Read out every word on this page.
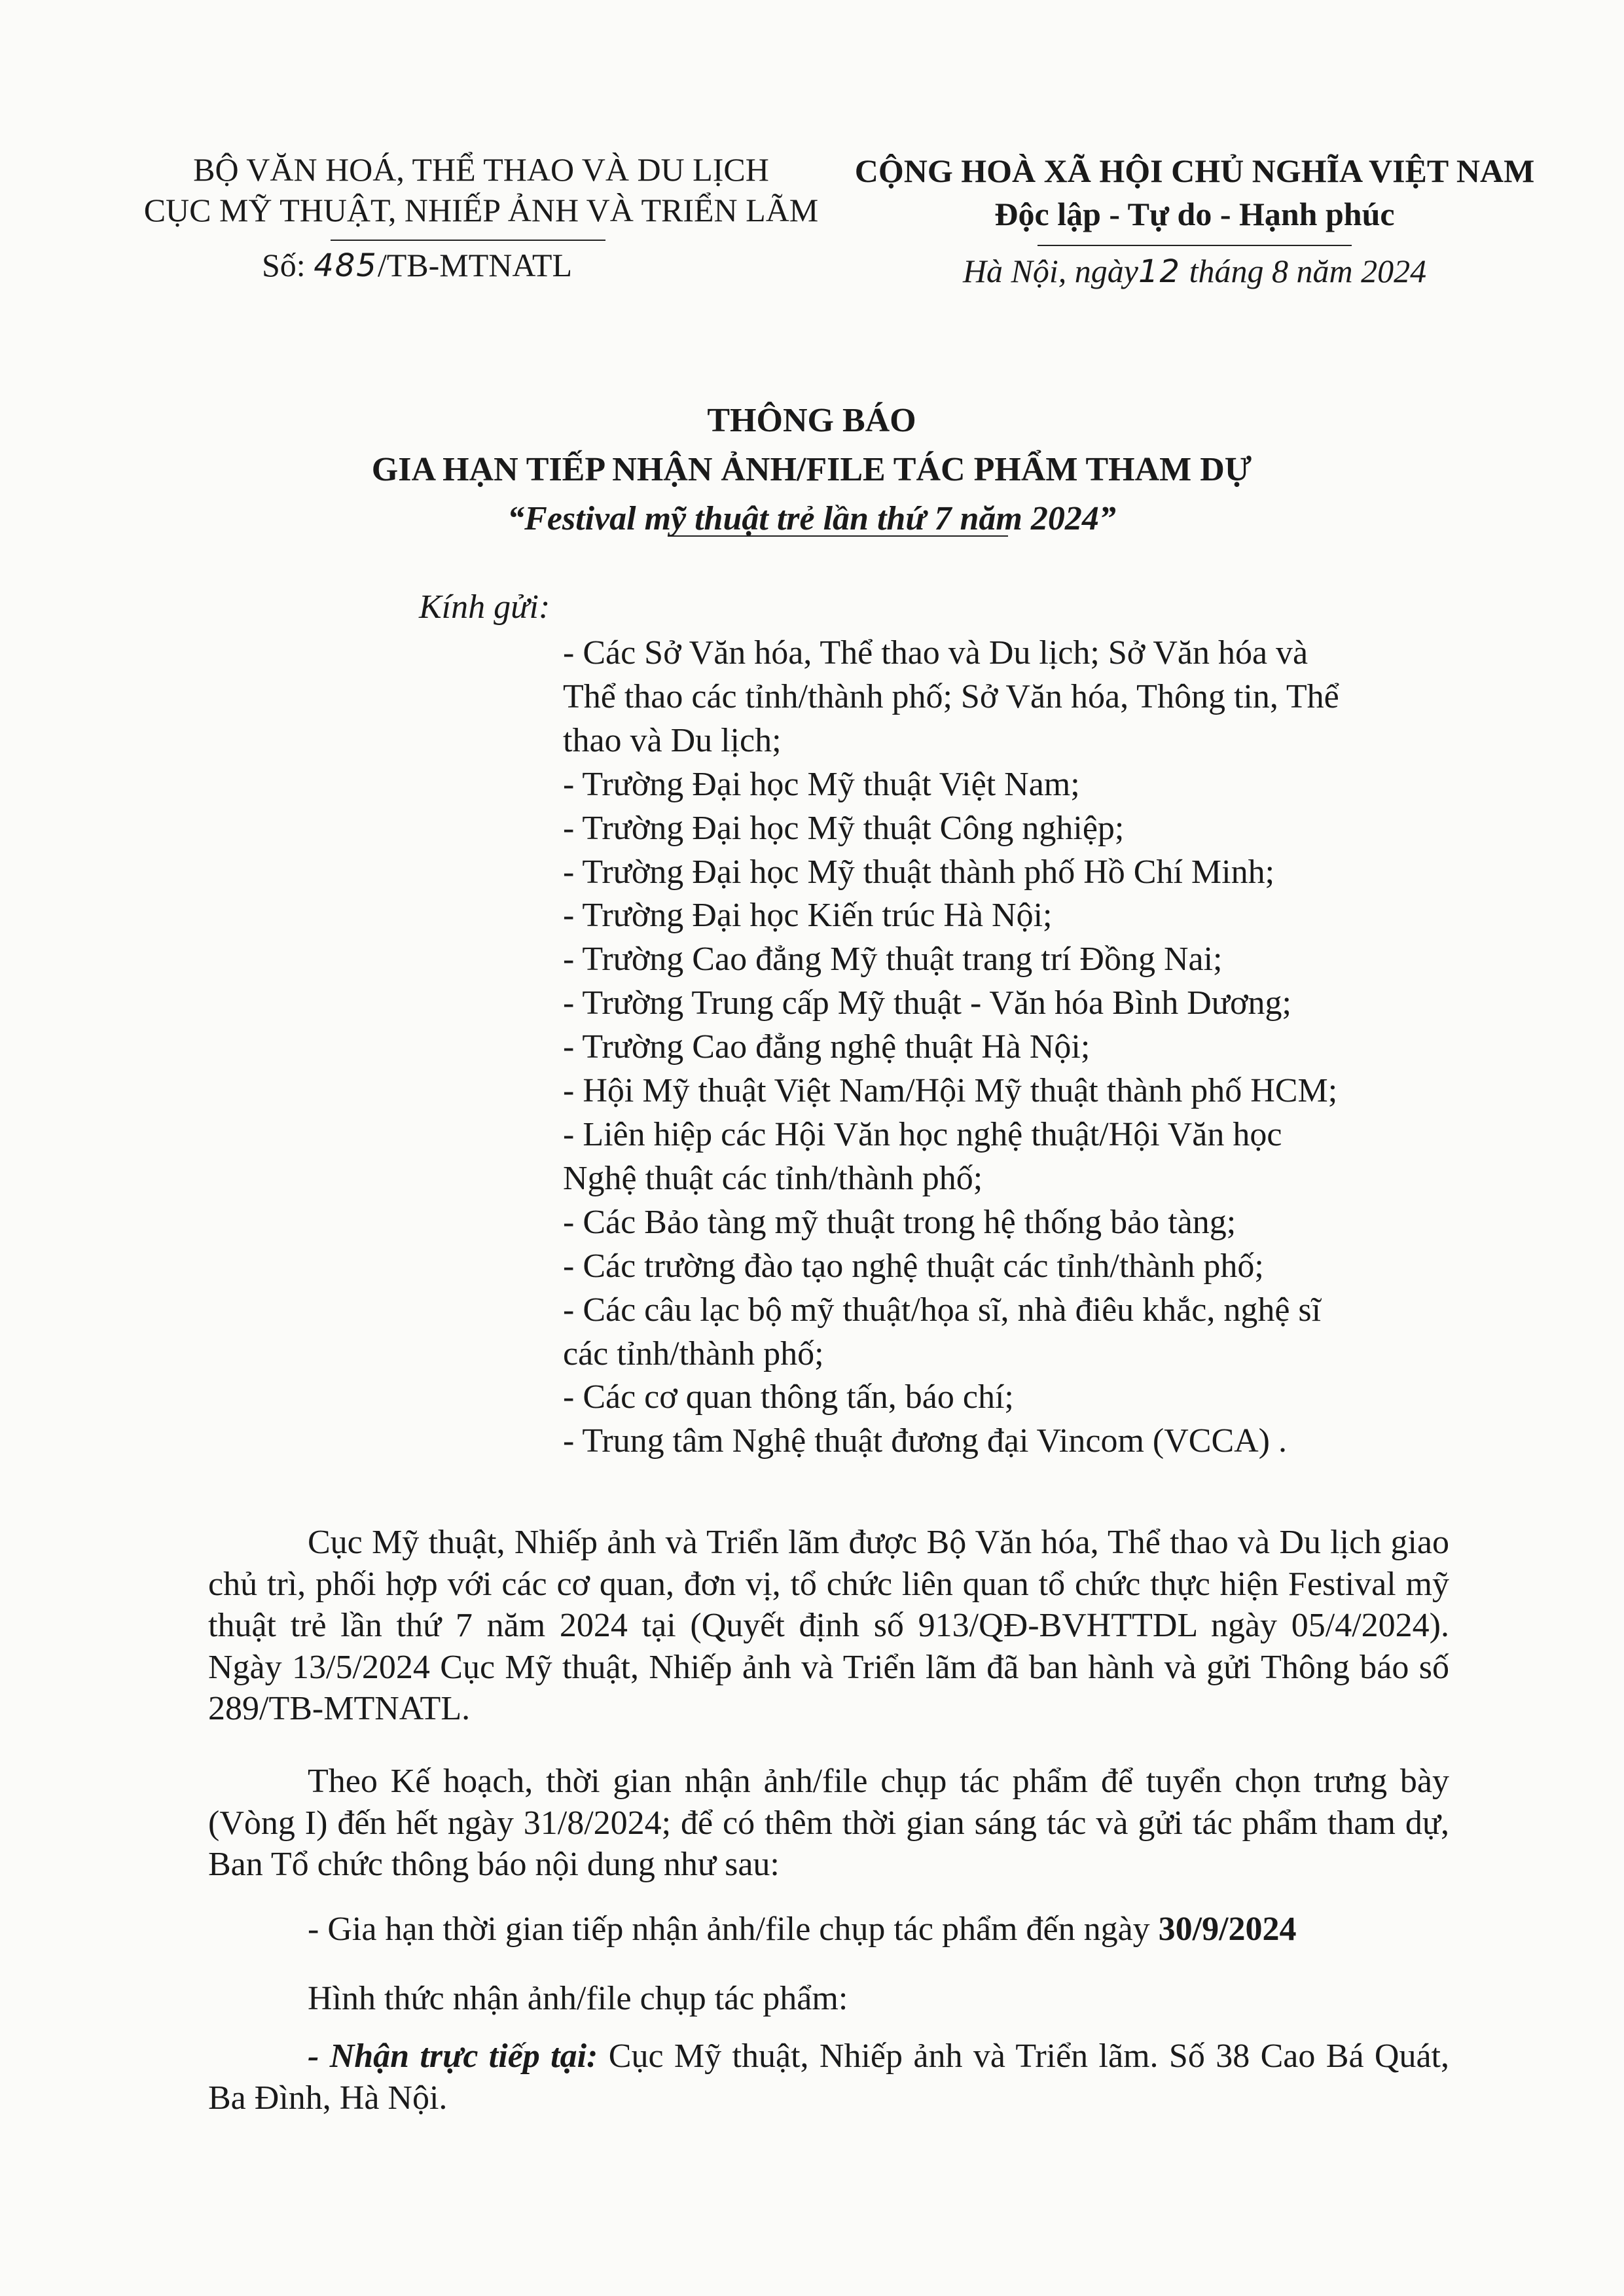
BỘ VĂN HOÁ, THỂ THAO VÀ DU LỊCH
CỤC MỸ THUẬT, NHIẾP ẢNH VÀ TRIỂN LÃM
Số: 485/TB-MTNATL
CỘNG HOÀ XÃ HỘI CHỦ NGHĨA VIỆT NAM
Độc lập - Tự do - Hạnh phúc
Hà Nội, ngày12 tháng 8 năm 2024
THÔNG BÁO
GIA HẠN TIẾP NHẬN ẢNH/FILE TÁC PHẨM THAM DỰ
“Festival mỹ thuật trẻ lần thứ 7 năm 2024”
Kính gửi:
- Các Sở Văn hóa, Thể thao và Du lịch; Sở Văn hóa và
Thể thao các tỉnh/thành phố; Sở Văn hóa, Thông tin, Thể
thao và Du lịch;
- Trường Đại học Mỹ thuật Việt Nam;
- Trường Đại học Mỹ thuật Công nghiệp;
- Trường Đại học Mỹ thuật thành phố Hồ Chí Minh;
- Trường Đại học Kiến trúc Hà Nội;
- Trường Cao đẳng Mỹ thuật trang trí Đồng Nai;
- Trường Trung cấp Mỹ thuật - Văn hóa Bình Dương;
- Trường Cao đẳng nghệ thuật Hà Nội;
- Hội Mỹ thuật Việt Nam/Hội Mỹ thuật thành phố HCM;
- Liên hiệp các Hội Văn học nghệ thuật/Hội Văn học
Nghệ thuật các tỉnh/thành phố;
- Các Bảo tàng mỹ thuật trong hệ thống bảo tàng;
- Các trường đào tạo nghệ thuật các tỉnh/thành phố;
- Các câu lạc bộ mỹ thuật/họa sĩ, nhà điêu khắc, nghệ sĩ
các tỉnh/thành phố;
- Các cơ quan thông tấn, báo chí;
- Trung tâm Nghệ thuật đương đại Vincom (VCCA) .
Cục Mỹ thuật, Nhiếp ảnh và Triển lãm được Bộ Văn hóa, Thể thao và Du lịch giao chủ trì, phối hợp với các cơ quan, đơn vị, tổ chức liên quan tổ chức thực hiện Festival mỹ thuật trẻ lần thứ 7 năm 2024 tại (Quyết định số 913/QĐ-BVHTTDL ngày 05/4/2024). Ngày 13/5/2024 Cục Mỹ thuật, Nhiếp ảnh và Triển lãm đã ban hành và gửi Thông báo số 289/TB-MTNATL.
Theo Kế hoạch, thời gian nhận ảnh/file chụp tác phẩm để tuyển chọn trưng bày (Vòng I) đến hết ngày 31/8/2024; để có thêm thời gian sáng tác và gửi tác phẩm tham dự, Ban Tổ chức thông báo nội dung như sau:
- Gia hạn thời gian tiếp nhận ảnh/file chụp tác phẩm đến ngày 30/9/2024
Hình thức nhận ảnh/file chụp tác phẩm:
- Nhận trực tiếp tại: Cục Mỹ thuật, Nhiếp ảnh và Triển lãm. Số 38 Cao Bá Quát, Ba Đình, Hà Nội.
